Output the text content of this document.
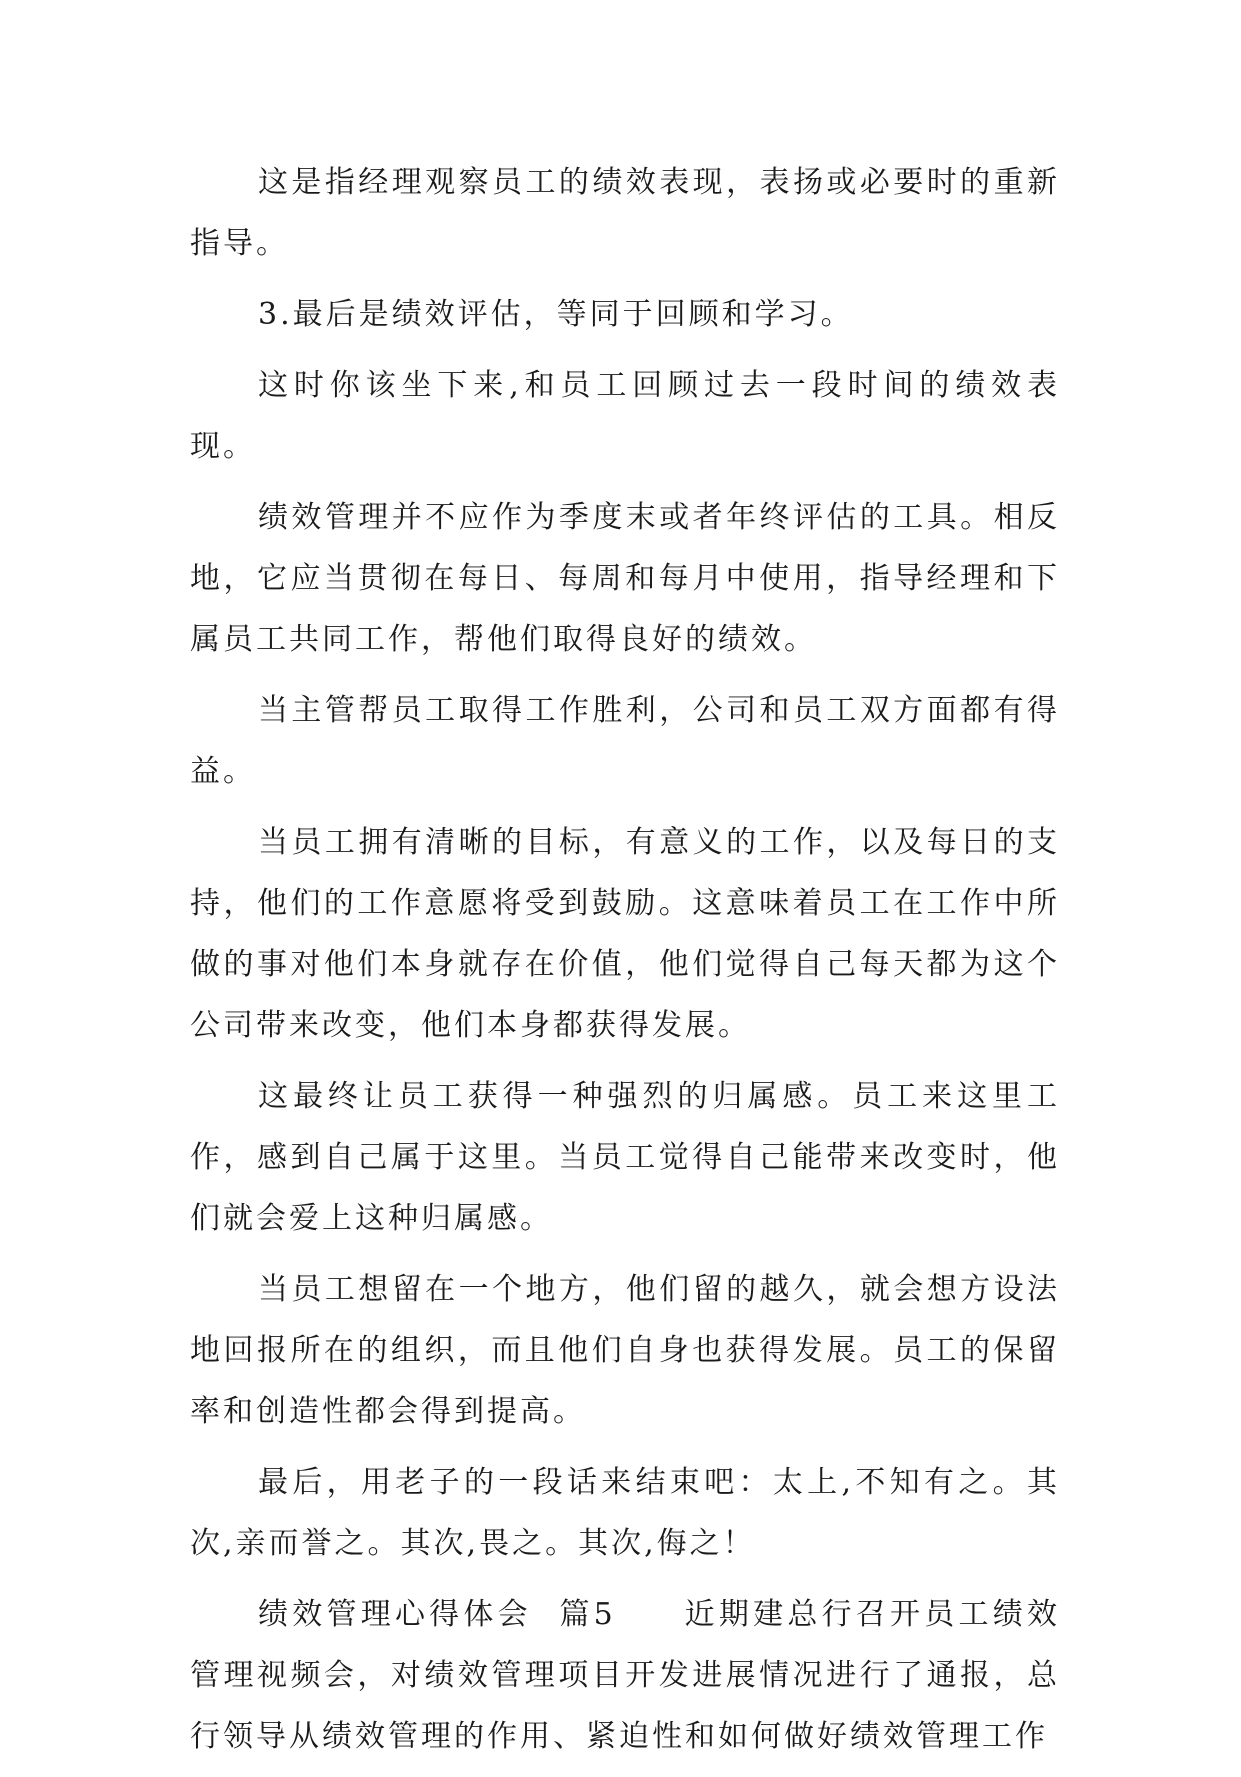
这是指经理观察员工的绩效表现，表扬或必要时的重新指导。

3.最后是绩效评估，等同于回顾和学习。

这时你该坐下来,和员工回顾过去一段时间的绩效表现。

绩效管理并不应作为季度末或者年终评估的工具。相反地，它应当贯彻在每日、每周和每月中使用，指导经理和下属员工共同工作，帮他们取得良好的绩效。

当主管帮员工取得工作胜利，公司和员工双方面都有得益。

当员工拥有清晰的目标，有意义的工作，以及每日的支持，他们的工作意愿将受到鼓励。这意味着员工在工作中所做的事对他们本身就存在价值，他们觉得自己每天都为这个公司带来改变，他们本身都获得发展。

这最终让员工获得一种强烈的归属感。员工来这里工作，感到自己属于这里。当员工觉得自己能带来改变时，他们就会爱上这种归属感。

当员工想留在一个地方，他们留的越久，就会想方设法地回报所在的组织，而且他们自身也获得发展。员工的保留率和创造性都会得到提高。

最后，用老子的一段话来结束吧：太上,不知有之。其次,亲而誉之。其次,畏之。其次,侮之！

绩效管理心得体会  篇5     近期建总行召开员工绩效管理视频会，对绩效管理项目开发进展情况进行了通报，总行领导从绩效管理的作用、紧迫性和如何做好绩效管理工作
